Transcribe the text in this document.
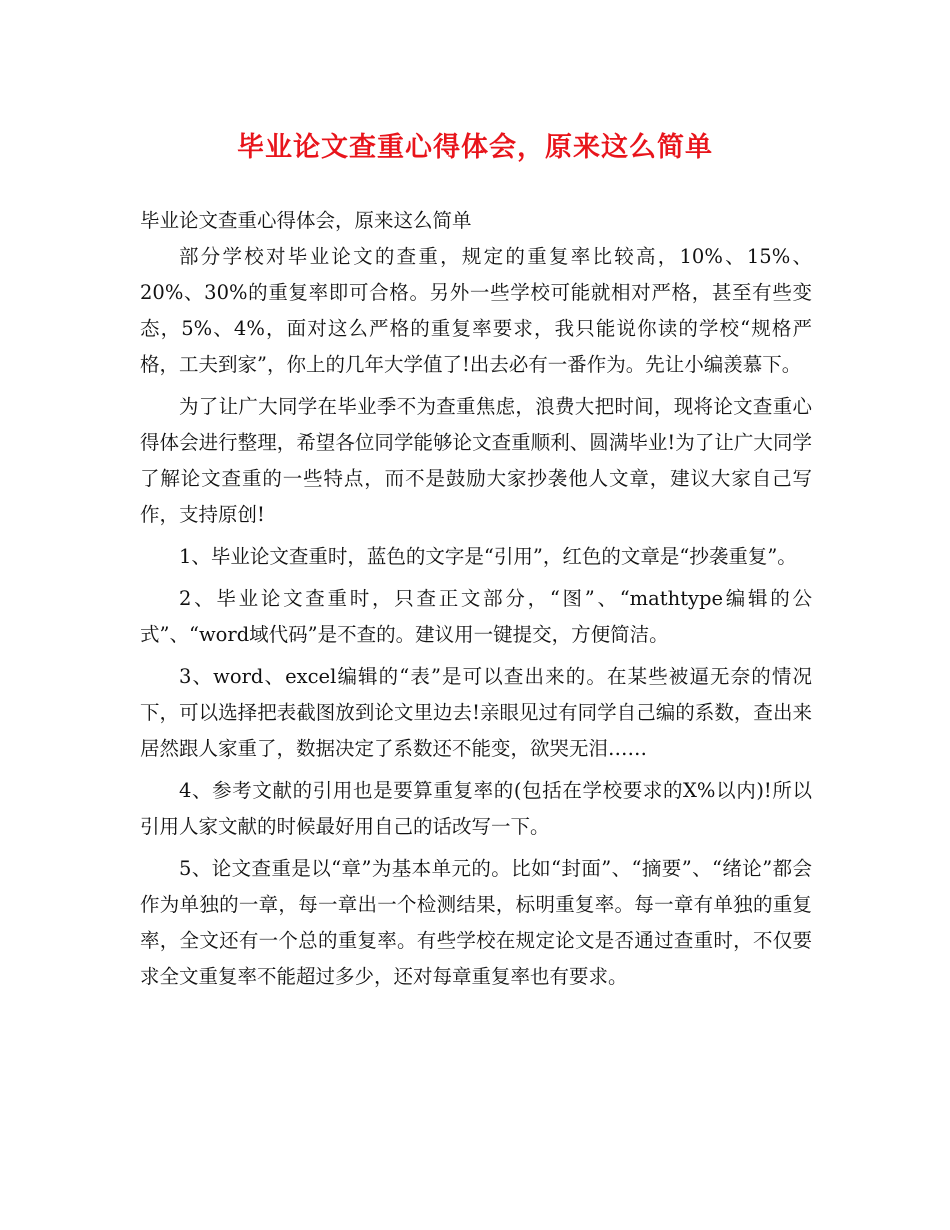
毕业论文查重心得体会，原来这么简单

毕业论文查重心得体会，原来这么简单

部分学校对毕业论文的查重，规定的重复率比较高，10%、15%、20%、30%的重复率即可合格。另外一些学校可能就相对严格，甚至有些变态，5%、4%，面对这么严格的重复率要求，我只能说你读的学校“规格严格，工夫到家”，你上的几年大学值了!出去必有一番作为。先让小编羡慕下。

为了让广大同学在毕业季不为查重焦虑，浪费大把时间，现将论文查重心得体会进行整理，希望各位同学能够论文查重顺利、圆满毕业!为了让广大同学了解论文查重的一些特点，而不是鼓励大家抄袭他人文章，建议大家自己写作，支持原创!

1、毕业论文查重时，蓝色的文字是“引用”，红色的文章是“抄袭重复”。

2、毕业论文查重时，只查正文部分，“图”、“mathtype编辑的公式”、“word域代码”是不查的。建议用一键提交，方便简洁。

3、word、excel编辑的“表”是可以查出来的。在某些被逼无奈的情况下，可以选择把表截图放到论文里边去!亲眼见过有同学自己编的系数，查出来居然跟人家重了，数据决定了系数还不能变，欲哭无泪……

4、参考文献的引用也是要算重复率的(包括在学校要求的X%以内)!所以引用人家文献的时候最好用自己的话改写一下。

5、论文查重是以“章”为基本单元的。比如“封面”、“摘要”、“绪论”都会作为单独的一章，每一章出一个检测结果，标明重复率。每一章有单独的重复率，全文还有一个总的重复率。有些学校在规定论文是否通过查重时，不仅要求全文重复率不能超过多少，还对每章重复率也有要求。
